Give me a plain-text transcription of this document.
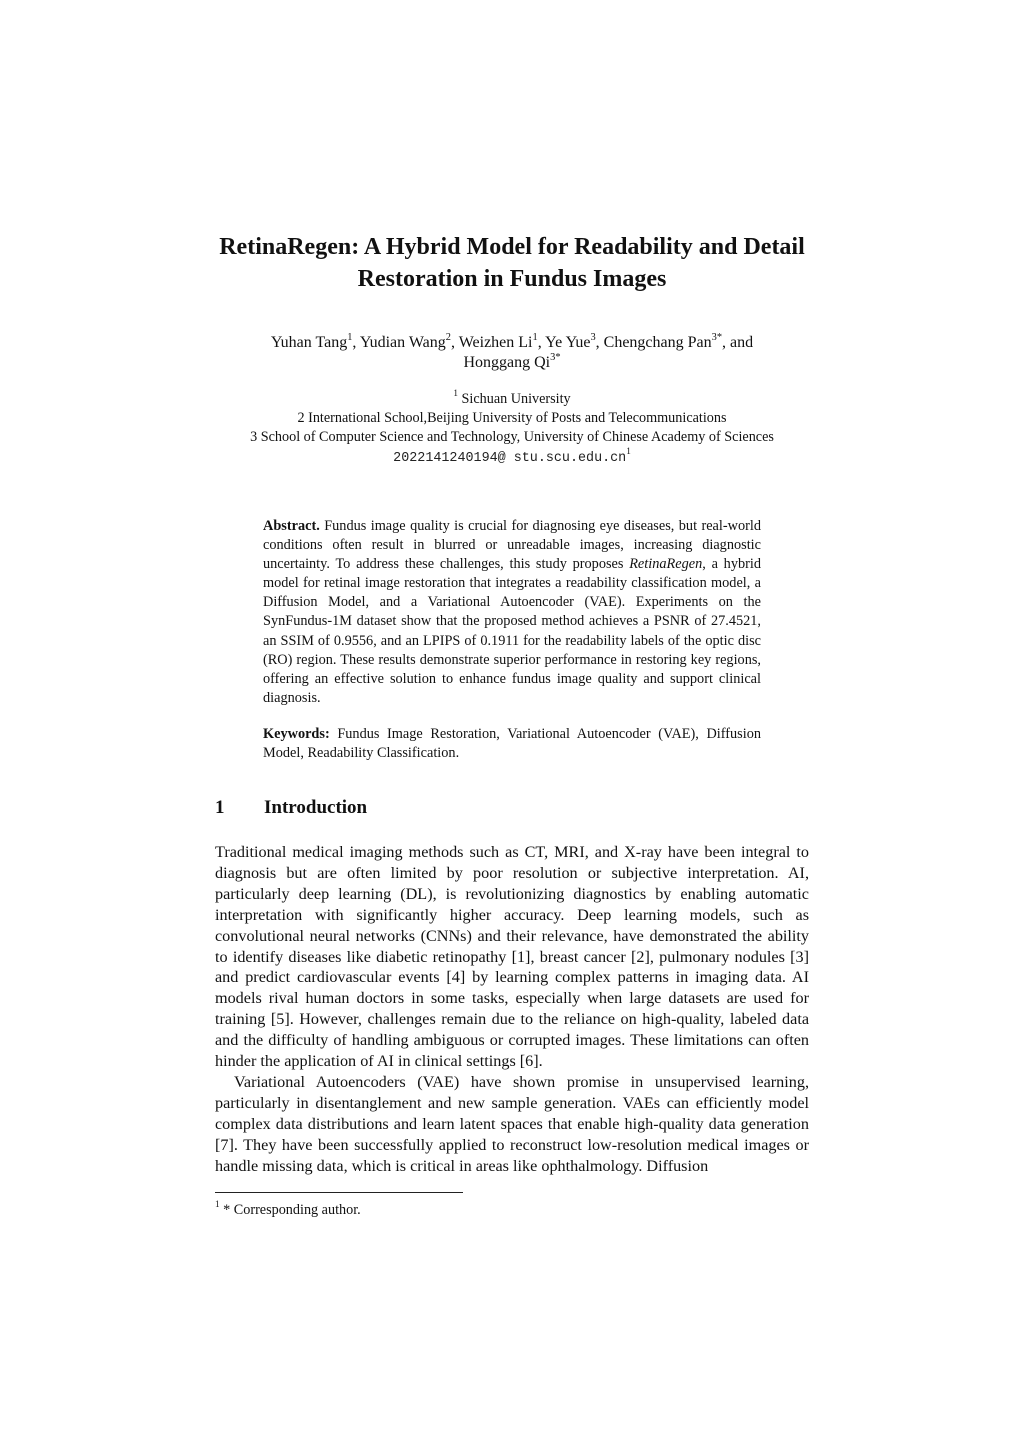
RetinaRegen: A Hybrid Model for Readability and Detail
Restoration in Fundus Images
Yuhan Tang$^1$, Yudian Wang$^2$, Weizhen Li$^1$, Ye Yue$^3$, Chengchang Pan$^{3*}$, and
Honggang $Qi^{3*}$
$^1$ Sichuan University
2 International School,Beijing University of Posts and Telecommunications
3 School of Computer Science and Technology, University of Chinese Academy of Sciences
2022141240194@ $stu.scu.edu.cn^1$
Abstract. Fundus image quality is crucial for diagnosing eye diseases, but real-world conditions often result in blurred or unreadable images, increasing diagnostic uncertainty. To address these challenges, this study proposes RetinaRegen, a hybrid model for retinal image restoration that integrates a readability classification model, a Diffusion Model, and a Variational Autoencoder (VAE). Experiments on the SynFundus-1M dataset show that the proposed method achieves a PSNR of 27.4521, an SSIM of 0.9556, and an LPIPS of 0.1911 for the readability labels of the optic disc (RO) region. These results demonstrate superior performance in restoring key regions, offering an effective solution to enhance fundus image quality and support clinical diagnosis.
Keywords: Fundus Image Restoration, Variational Autoencoder (VAE), Diffusion Model, Readability Classification.
1 Introduction

Traditional medical imaging methods such as CT, MRI, and X-ray have been integral to diagnosis but are often limited by poor resolution or subjective interpretation. AI, particularly deep learning (DL), is revolutionizing diagnostics by enabling automatic interpretation with significantly higher accuracy. Deep learning models, such as convolutional neural networks (CNNs) and their relevance, have demonstrated the ability to identify diseases like diabetic retinopathy [1], breast cancer [2], pulmonary nodules [3] and predict cardiovascular events [4] by learning complex patterns in imaging data. AI models rival human doctors in some tasks, especially when large datasets are used for training [5]. However, challenges remain due to the reliance on high-quality, labeled data and the difficulty of handling ambiguous or corrupted images. These limitations can often hinder the application of AI in clinical settings [6].

Variational Autoencoders (VAE) have shown promise in unsupervised learning, particularly in disentanglement and new sample generation. VAEs can efficiently model complex data distributions and learn latent spaces that enable high-quality data generation [7]. They have been successfully applied to reconstruct low-resolution medical images or handle missing data, which is critical in areas like ophthalmology. Diffusion

$^1$ * Corresponding author.
